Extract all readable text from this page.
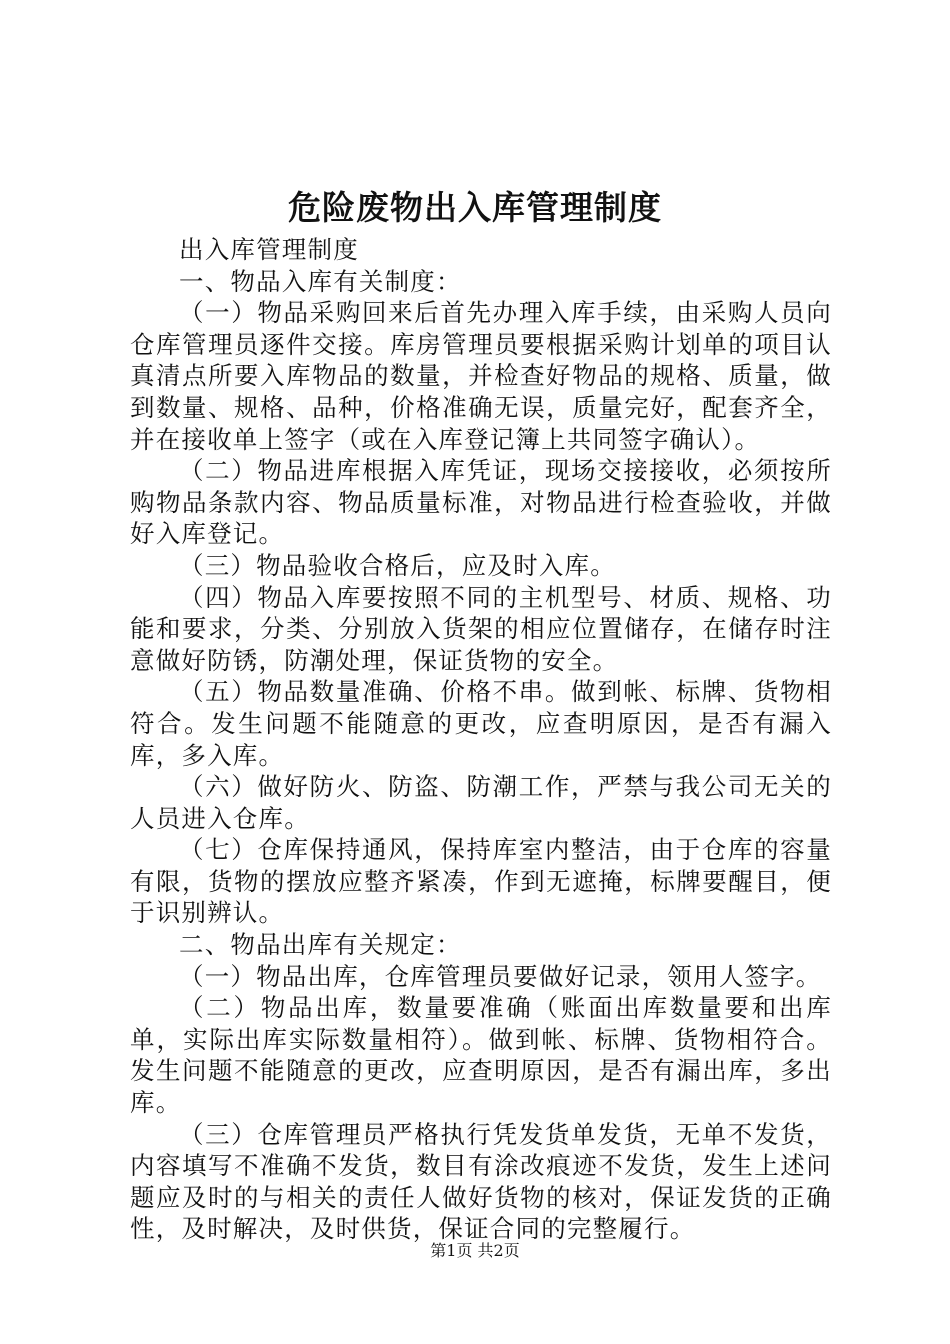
危险废物出入库管理制度

出入库管理制度

一、物品入库有关制度：

（一）物品采购回来后首先办理入库手续，由采购人员向仓库管理员逐件交接。库房管理员要根据采购计划单的项目认真清点所要入库物品的数量，并检查好物品的规格、质量，做到数量、规格、品种，价格准确无误，质量完好，配套齐全，并在接收单上签字（或在入库登记簿上共同签字确认）。

（二）物品进库根据入库凭证，现场交接接收，必须按所购物品条款内容、物品质量标准，对物品进行检查验收，并做好入库登记。

（三）物品验收合格后，应及时入库。

（四）物品入库要按照不同的主机型号、材质、规格、功能和要求，分类、分别放入货架的相应位置储存，在储存时注意做好防锈，防潮处理，保证货物的安全。

（五）物品数量准确、价格不串。做到帐、标牌、货物相符合。发生问题不能随意的更改，应查明原因，是否有漏入库，多入库。

（六）做好防火、防盗、防潮工作，严禁与我公司无关的人员进入仓库。

（七）仓库保持通风，保持库室内整洁，由于仓库的容量有限，货物的摆放应整齐紧凑，作到无遮掩，标牌要醒目，便于识别辨认。

二、物品出库有关规定：

（一）物品出库，仓库管理员要做好记录，领用人签字。

（二）物品出库，数量要准确（账面出库数量要和出库单，实际出库实际数量相符）。做到帐、标牌、货物相符合。发生问题不能随意的更改，应查明原因，是否有漏出库，多出库。

（三）仓库管理员严格执行凭发货单发货，无单不发货，内容填写不准确不发货，数目有涂改痕迹不发货，发生上述问题应及时的与相关的责任人做好货物的核对，保证发货的正确性，及时解决，及时供货，保证合同的完整履行。

第1页 共2页
